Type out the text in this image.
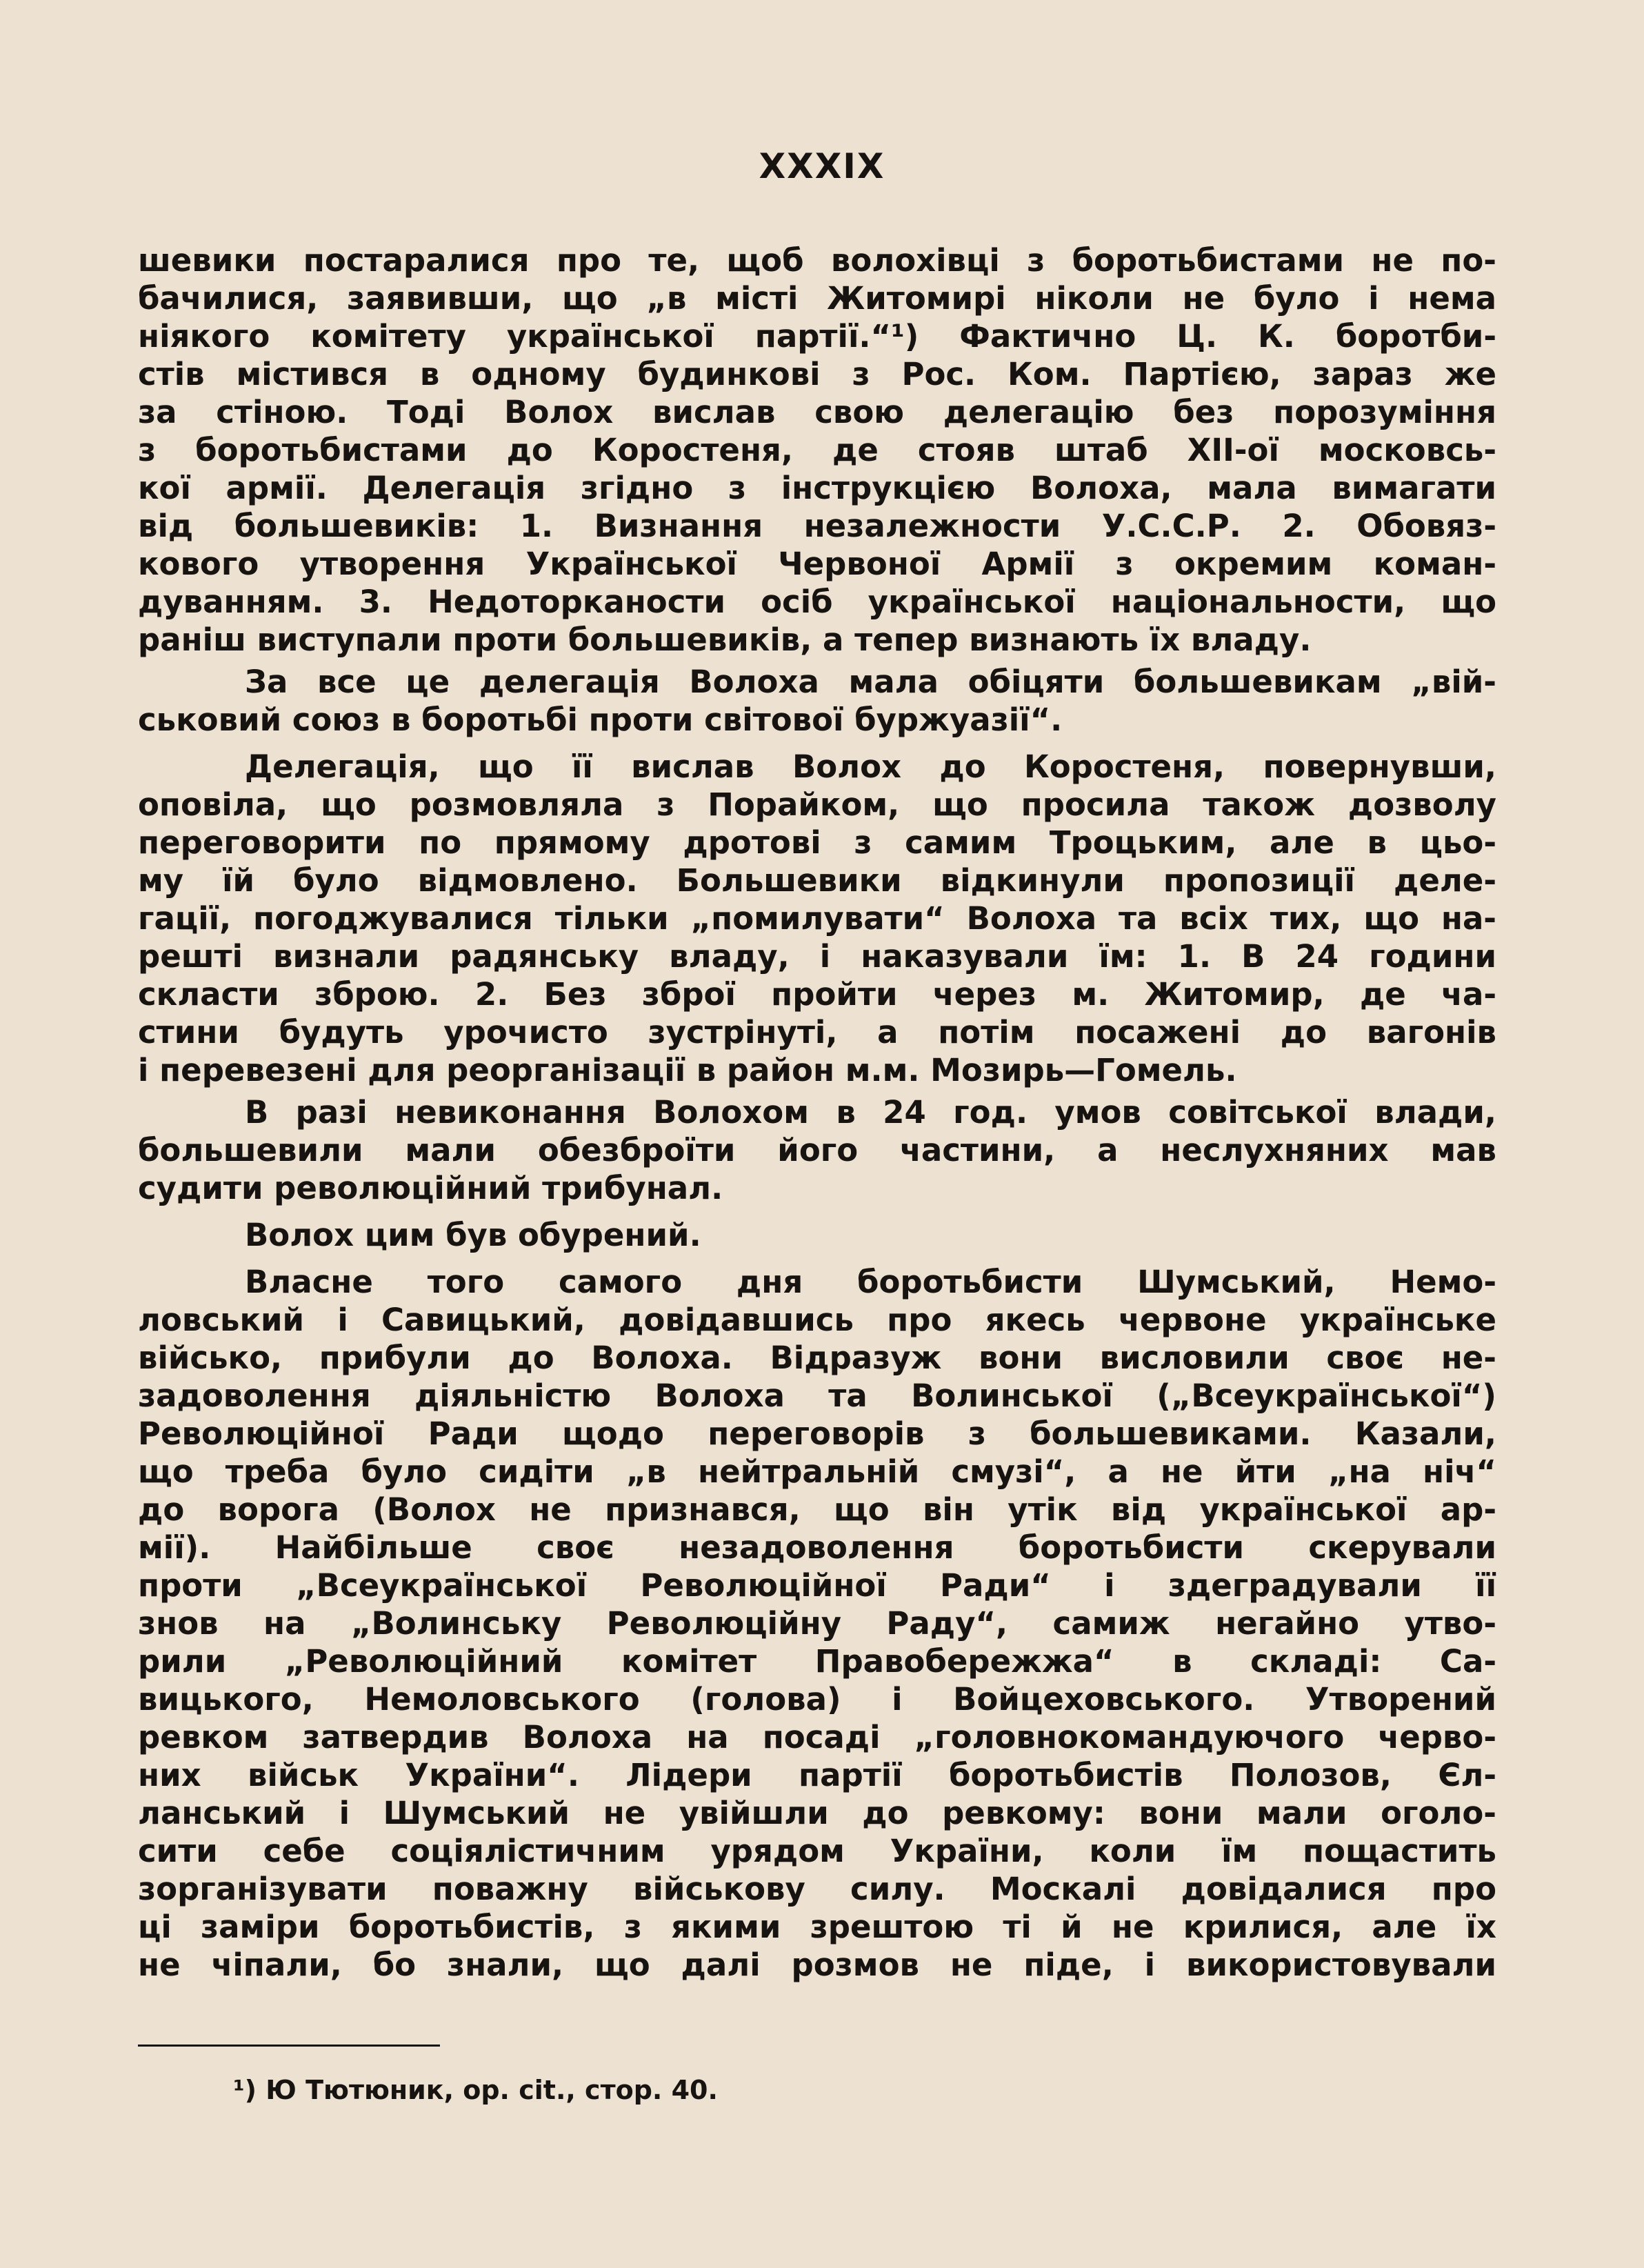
XXXIX
шевики постаралися про те, щоб волохівці з боротьбистами не по-
бачилися, заявивши, що „в місті Житомирі ніколи не було і нема
ніякого комітету української партії.“¹) Фактично Ц. К. боротби-
стів містився в одному будинкові з Рос. Ком. Партією, зараз же
за стіною. Тоді Волох вислав свою делегацію без порозуміння
з боротьбистами до Коростеня, де стояв штаб XII-ої московсь-
кої армії. Делегація згідно з інструкцією Волоха, мала вимагати
від большевиків: 1. Визнання незалежности У.С.С.Р. 2. Обовяз-
кового утворення Української Червоної Армії з окремим коман-
дуванням. 3. Недоторканости осіб української національности, що
раніш виступали проти большевиків, а тепер визнають їх владу.
За все це делегація Волоха мала обіцяти большевикам „вій-
ськовий союз в боротьбі проти світової буржуазії“.
Делегація, що її вислав Волох до Коростеня, повернувши,
оповіла, що розмовляла з Порайком, що просила також дозволу
переговорити по прямому дротові з самим Троцьким, але в цьо-
му їй було відмовлено. Большевики відкинули пропозиції деле-
гації, погоджувалися тільки „помилувати“ Волоха та всіх тих, що на-
решті визнали радянську владу, і наказували їм: 1. В 24 години
скласти зброю. 2. Без зброї пройти через м. Житомир, де ча-
стини будуть урочисто зустрінуті, а потім посажені до вагонів
і перевезені для реорганізації в район м.м. Мозирь—Гомель.
В разі невиконання Волохом в 24 год. умов совітської влади,
большевили мали обезброїти його частини, а неслухняних мав
судити революційний трибунал.
Волох цим був обурений.
Власне того самого дня боротьбисти Шумський, Немо-
ловський і Савицький, довідавшись про якесь червоне українське
військо, прибули до Волоха. Відразуж вони висловили своє не-
задоволення діяльністю Волоха та Волинської („Всеукраїнської“)
Революційної Ради щодо переговорів з большевиками. Казали,
що треба було сидіти „в нейтральній смузі“, а не йти „на ніч“
до ворога (Волох не признався, що він утік від української ар-
мії). Найбільше своє незадоволення боротьбисти скерували
проти „Всеукраїнської Революційної Ради“ і здеградували її
знов на „Волинську Революційну Раду“, самиж негайно утво-
рили „Революційний комітет Правобережжа“ в складі: Са-
вицького, Немоловського (голова) і Войцеховського. Утворений
ревком затвердив Волоха на посаді „головнокомандуючого черво-
них військ України“. Лідери партії боротьбистів Полозов, Єл-
ланський і Шумський не увійшли до ревкому: вони мали оголо-
сити себе соціялістичним урядом України, коли їм пощастить
зорганізувати поважну військову силу. Москалі довідалися про
ці заміри боротьбистів, з якими зрештою ті й не крилися, але їх
не чіпали, бо знали, що далі розмов не піде, і використовували
¹) Ю Тютюник, ор. cit., стор. 40.
